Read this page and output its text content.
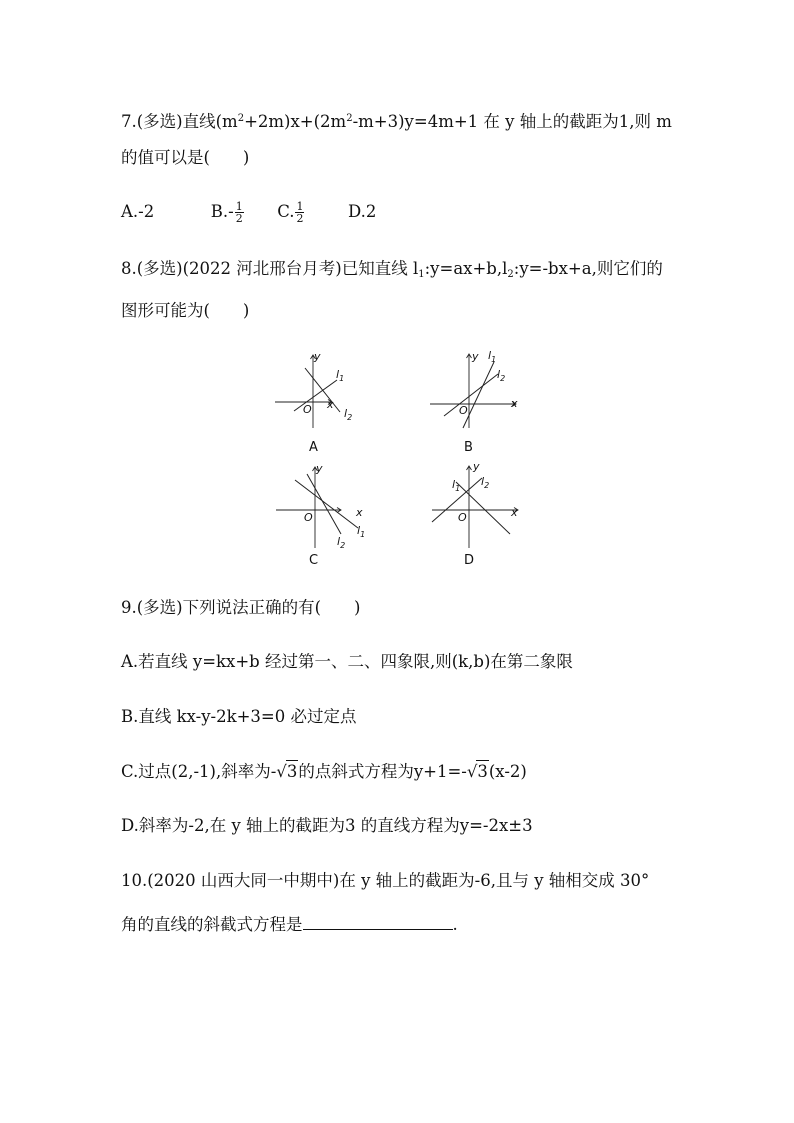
7.(多选)直线$(m^2+2m)x+(2m^2-m+3)y=4m+1$ 在 y 轴上的截距为1,则 m
的值可以是(　　)
A.-2	$B.- \frac{1}{2} C$. $\frac{1}{2}$	D.2
8.(多选)(2022 河北邢台月考)已知直线 $l_1:y=ax+b,l_2:y=-bx+a$,则它们的
图形可能为(　　)
y
x
O
$l_1$
$l_2$
A
y
x
O
$l_1$
$l_2$
B
y
x
O
$l_1$
$l_2$
C
y
x
O
$l_1$
$l_2$
D
9.(多选)下列说法正确的有(　　)
A.若直线 y=kx+b 经过第一、二、四象限,则(k,b)在第二象限
B.直线 kx-y-2k+3=0 必过定点
C.过点(2,-1),斜率为-√3的点斜式方程为y+1=-√3(x-2)
D.斜率为-2,在 y 轴上的截距为3 的直线方程为y=-2x±3
10.(2020 山西大同一中期中)在 y 轴上的截距为-6,且与 y 轴相交成 30°
角的直线的斜截式方程是	.
